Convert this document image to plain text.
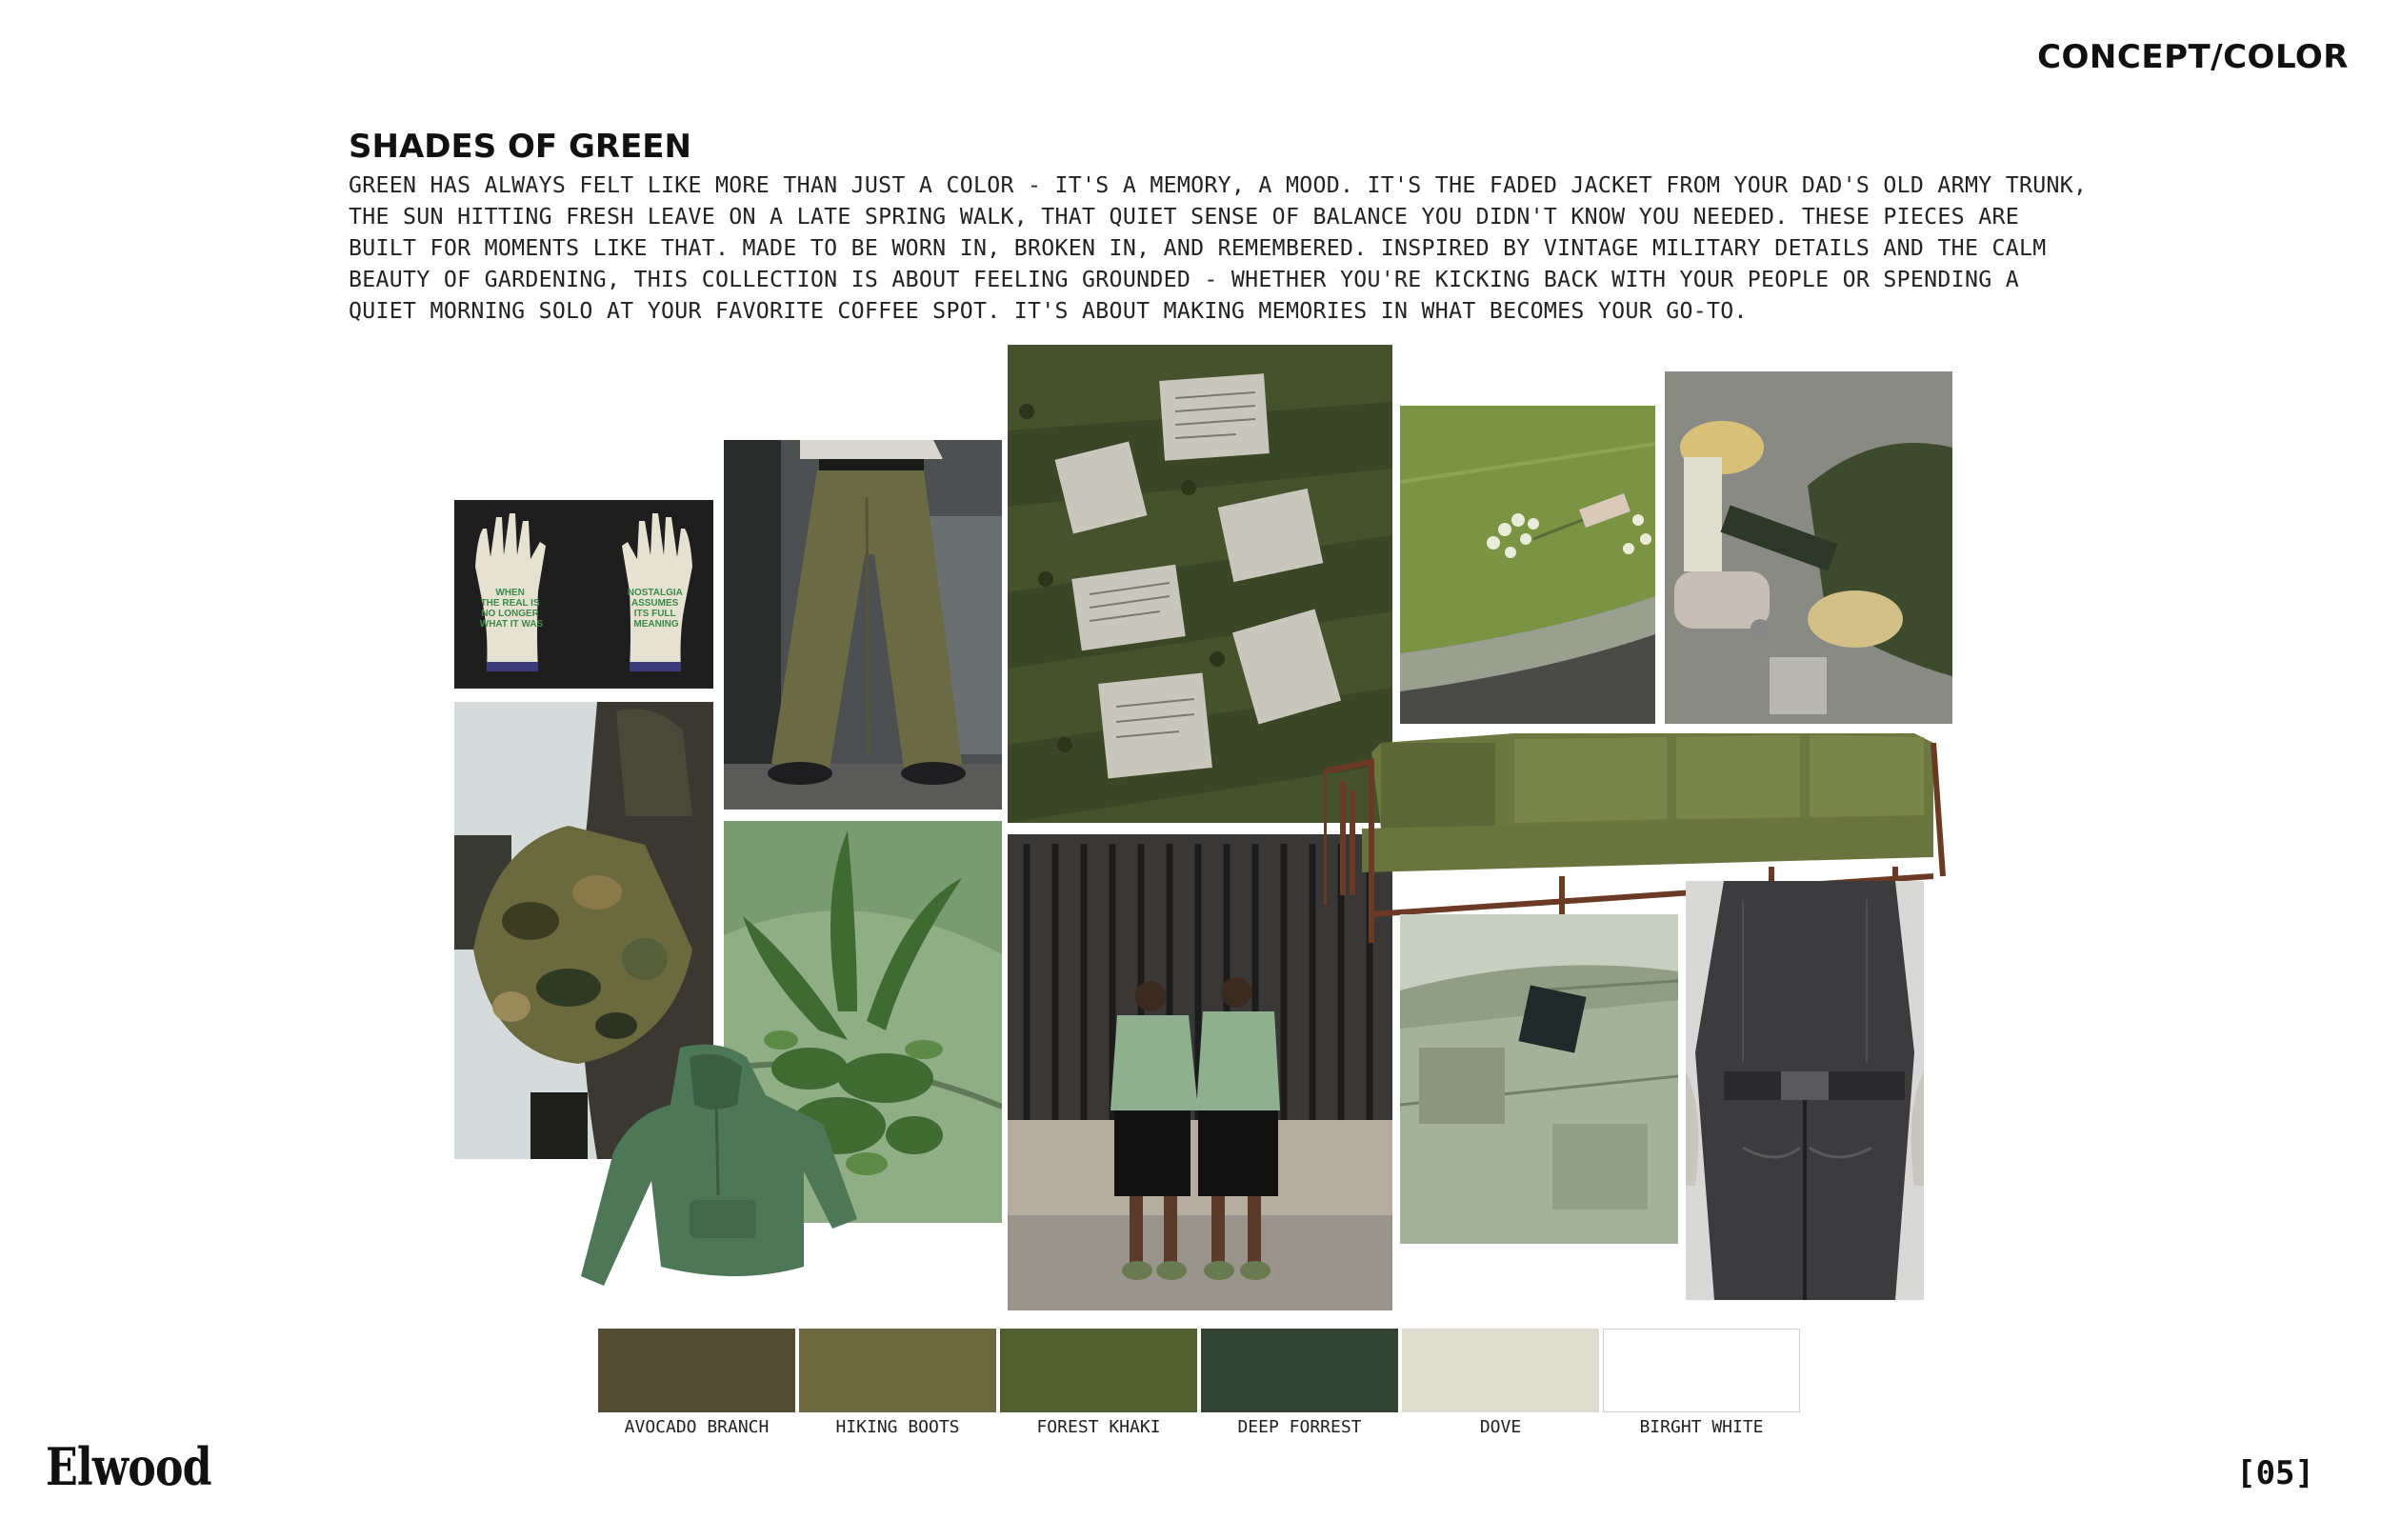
CONCEPT/COLOR
SHADES OF GREEN
GREEN HAS ALWAYS FELT LIKE MORE THAN JUST A COLOR - IT'S A MEMORY, A MOOD. IT'S THE FADED JACKET FROM YOUR DAD'S OLD ARMY TRUNK, THE SUN HITTING FRESH LEAVE ON A LATE SPRING WALK, THAT QUIET SENSE OF BALANCE YOU DIDN'T KNOW YOU NEEDED. THESE PIECES ARE BUILT FOR MOMENTS LIKE THAT. MADE TO BE WORN IN, BROKEN IN, AND REMEMBERED. INSPIRED BY VINTAGE MILITARY DETAILS AND THE CALM BEAUTY OF GARDENING, THIS COLLECTION IS ABOUT FEELING GROUNDED - WHETHER YOU'RE KICKING BACK WITH YOUR PEOPLE OR SPENDING A QUIET MORNING SOLO AT YOUR FAVORITE COFFEE SPOT. IT'S ABOUT MAKING MEMORIES IN WHAT BECOMES YOUR GO-TO.
WHEN THE REAL IS NO LONGER WHAT IT WAS
NOSTALGIA ASSUMES ITS FULL MEANING
AVOCADO BRANCH	HIKING BOOTS	FOREST KHAKI	DEEP FORREST	DOVE	BIRGHT WHITE
Elwood	[05]
